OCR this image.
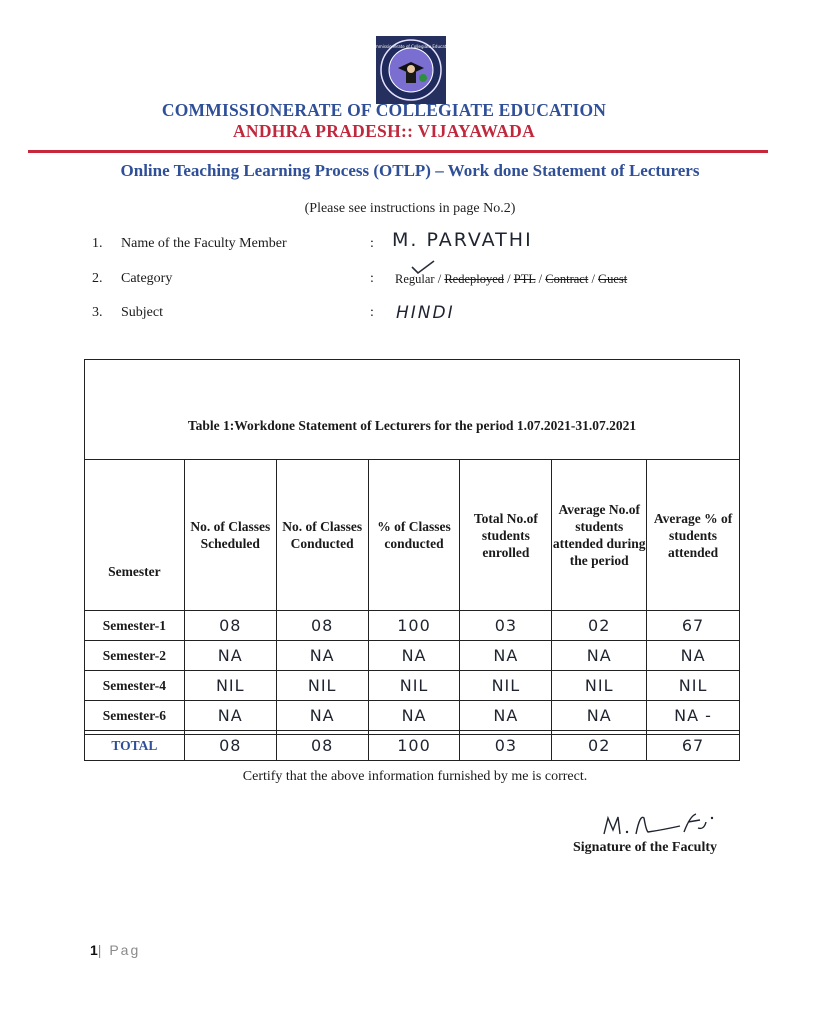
Commissionerate of Collegiate Education
COMMISSIONERATE OF COLLEGIATE EDUCATION
ANDHRA PRADESH:: VIJAYAWADA
Online Teaching Learning Process (OTLP) – Work done Statement of Lecturers
(Please see instructions in page No.2)
1. Name of the Faculty Member	: M. PARVATHI
2. Category	: Regular / Redeployed / PTL / Contract / Guest
3. Subject	: HINDI
Table 1:Workdone Statement of Lecturers for the period 1.07.2021-31.07.2021
Semester	No. of Classes Scheduled	No. of Classes Conducted	% of Classes conducted	Total No.of students enrolled	Average No.of students attended during the period	Average % of students attended
Semester-1	08	08	100	03	02	67
Semester-2	NA	NA	NA	NA	NA	NA
Semester-4	NIL	NIL	NIL	NIL	NIL	NIL
Semester-6	NA	NA	NA	NA	NA	NA -
TOTAL	08	08	100	03	02	67
Certify that the above information furnished by me is correct.
Signature of the Faculty
1| Pag
